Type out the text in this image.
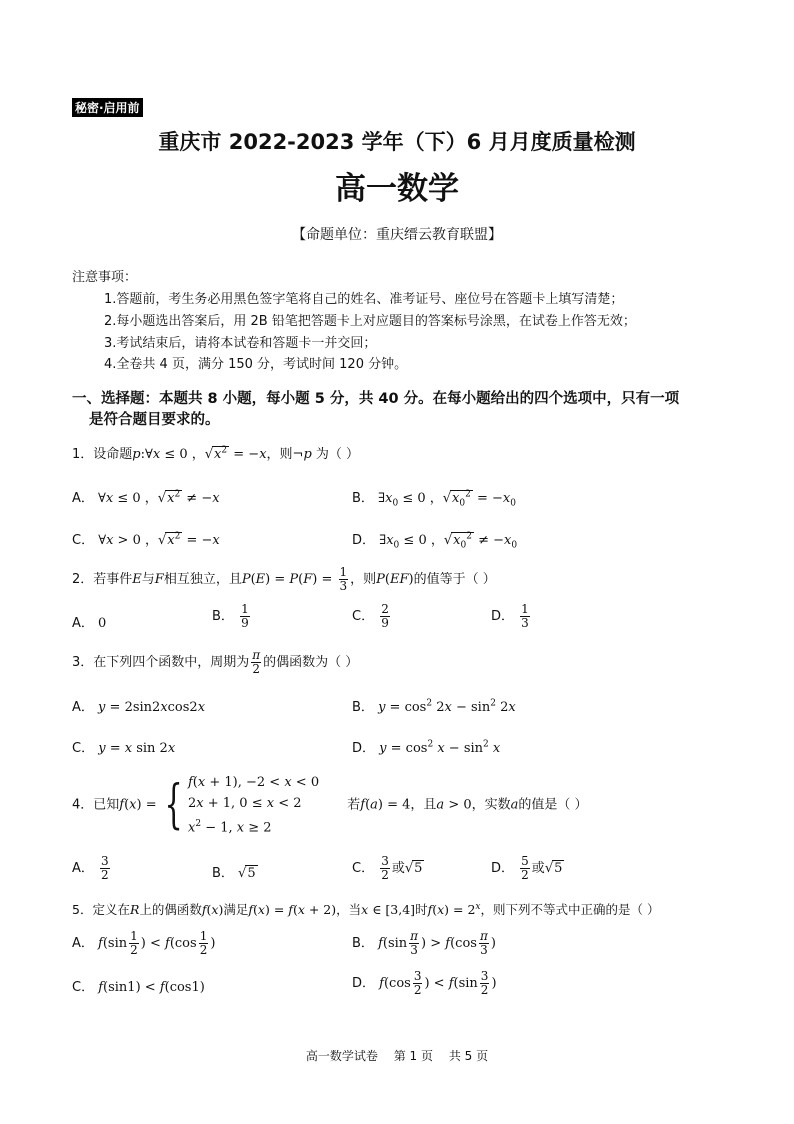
秘密·启用前
重庆市 2022-2023 学年（下）6 月月度质量检测
高一数学
【命题单位：重庆缙云教育联盟】
注意事项：
1.答题前，考生务必用黑色签字笔将自己的姓名、准考证号、座位号在答题卡上填写清楚；
2.每小题选出答案后，用 2B 铅笔把答题卡上对应题目的答案标号涂黑，在试卷上作答无效；
3.考试结束后，请将本试卷和答题卡一并交回；
4.全卷共 4 页，满分 150 分，考试时间 120 分钟。
一、选择题：本题共 8 小题，每小题 5 分，共 40 分。在每小题给出的四个选项中，只有一项
是符合题目要求的。
1．设命题p:∀x ≤ 0 ，$√x^2 = -x$，则¬p 为（ ）
A． ∀x ≤ 0 ，$√x^2 \ne -x$	B． $\exists x_0 \le 0$ ，$√x_0^2 = -x_0$
C． ∀x > 0 ，$√x^2 = -x$	D． $\exists x_0 \le 0$ ，$√x_0^2 \ne -x_0$
2．若事件E与F相互独立，且$P(E) = P(F) = \frac{1}{3}$ ，则P(EF)的值等于（ ）
A． 0	B． $\frac{1}{9}$	C． $\frac{2}{9}$	D． $\frac{1}{3}$
3．在下列四个函数中，周期为 $\frac{\pi}{2}$ 的偶函数为（ ）
A． y = 2sin2xcos2x	B． $y = \cos^2 2x - \sin^2 2x$
C． y = x sin 2x	D． $y = \cos^2 x - \sin^2 x$
4．已知f(x) = { f(x + 1), −2 < x < 0
2x + 1, 0 ≤ x < 2
$x^2 - 1$, x ≥ 2
若f(a) = 4，且a > 0，实数a的值是（ ）
A． $\frac{3}{2}$	B． √5	C． $\frac{3}{2}$ 或√5	D． $\frac{5}{2}$ 或√5
5．定义在R上的偶函数f(x)满足f(x) = f(x + 2)，当x ∈ [3,4]时$f(x) = 2^x$，则下列不等式中正确的是（ ）
A． $f(\sin \frac{1}{2}$ ) < $f(\cos \frac{1}{2}$ )	B． $f(\sin \frac{\pi}{3}$ ) > $f(\cos \frac{\pi}{3}$ )
C． f(sin1) < f(cos1)	D． $f(\cos \frac{3}{2}$ ) < $f(\sin \frac{3}{2}$ )
高一数学试卷 第 1 页 共 5 页
